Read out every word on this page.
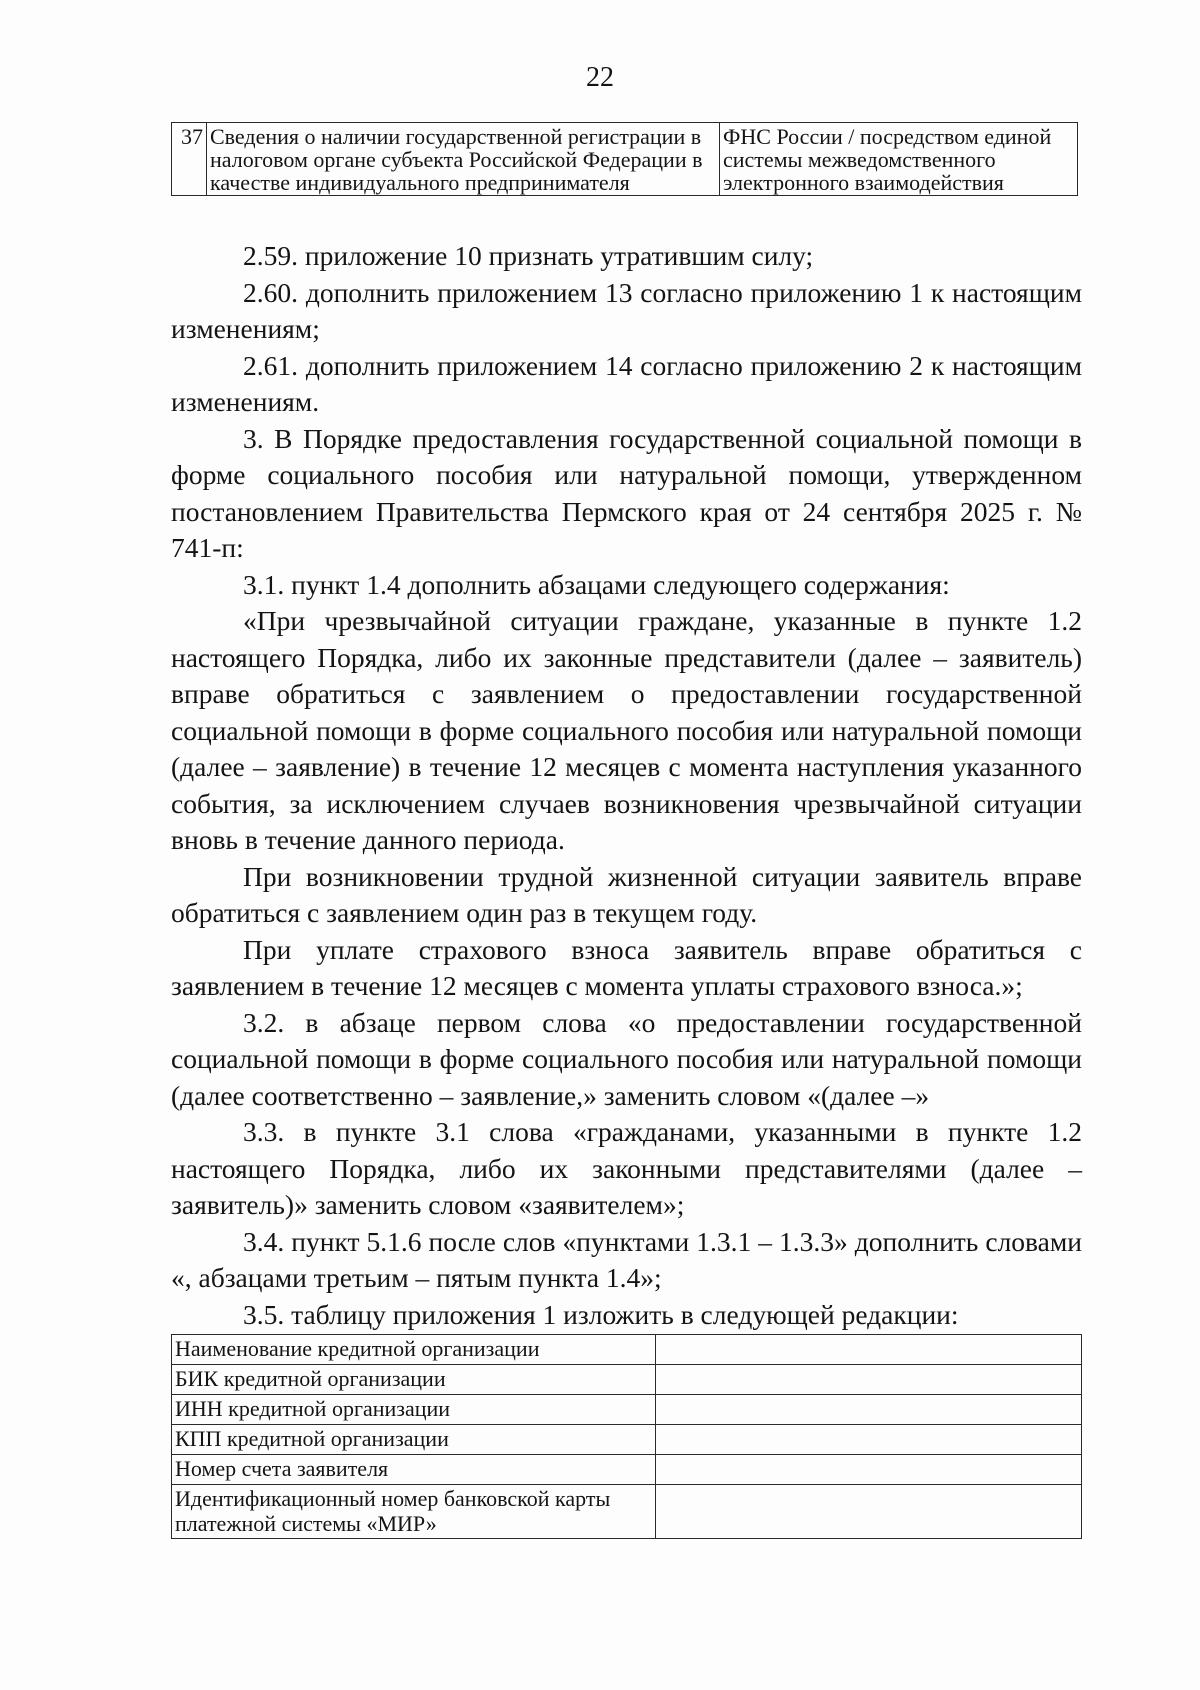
22
37	Сведения о наличии государственной регистрации в налоговом органе субъекта Российской Федерации в качестве индивидуального предпринимателя	ФНС России / посредством единой системы межведомственного электронного взаимодействия

2.59. приложение 10 признать утратившим силу;

2.60. дополнить приложением 13 согласно приложению 1 к настоящим изменениям;

2.61. дополнить приложением 14 согласно приложению 2 к настоящим изменениям.

3. В Порядке предоставления государственной социальной помощи в форме социального пособия или натуральной помощи, утвержденном постановлением Правительства Пермского края от 24 сентября 2025 г. № 741-п:

3.1. пункт 1.4 дополнить абзацами следующего содержания:

«При чрезвычайной ситуации граждане, указанные в пункте 1.2 настоящего Порядка, либо их законные представители (далее – заявитель) вправе обратиться с заявлением о предоставлении государственной социальной помощи в форме социального пособия или натуральной помощи (далее – заявление) в течение 12 месяцев с момента наступления указанного события, за исключением случаев возникновения чрезвычайной ситуации вновь в течение данного периода.

При возникновении трудной жизненной ситуации заявитель вправе обратиться с заявлением один раз в текущем году.

При уплате страхового взноса заявитель вправе обратиться с заявлением в течение 12 месяцев с момента уплаты страхового взноса.»;

3.2. в абзаце первом слова «о предоставлении государственной социальной помощи в форме социального пособия или натуральной помощи (далее соответственно – заявление,» заменить словом «(далее –»

3.3. в пункте 3.1 слова «гражданами, указанными в пункте 1.2 настоящего Порядка, либо их законными представителями (далее – заявитель)» заменить словом «заявителем»;

3.4. пункт 5.1.6 после слов «пунктами 1.3.1 – 1.3.3» дополнить словами «, абзацами третьим – пятым пункта 1.4»;

3.5. таблицу приложения 1 изложить в следующей редакции:

Наименование кредитной организации	
БИК кредитной организации	
ИНН кредитной организации	
КПП кредитной организации	
Номер счета заявителя	
Идентификационный номер банковской карты платежной системы «МИР»	
